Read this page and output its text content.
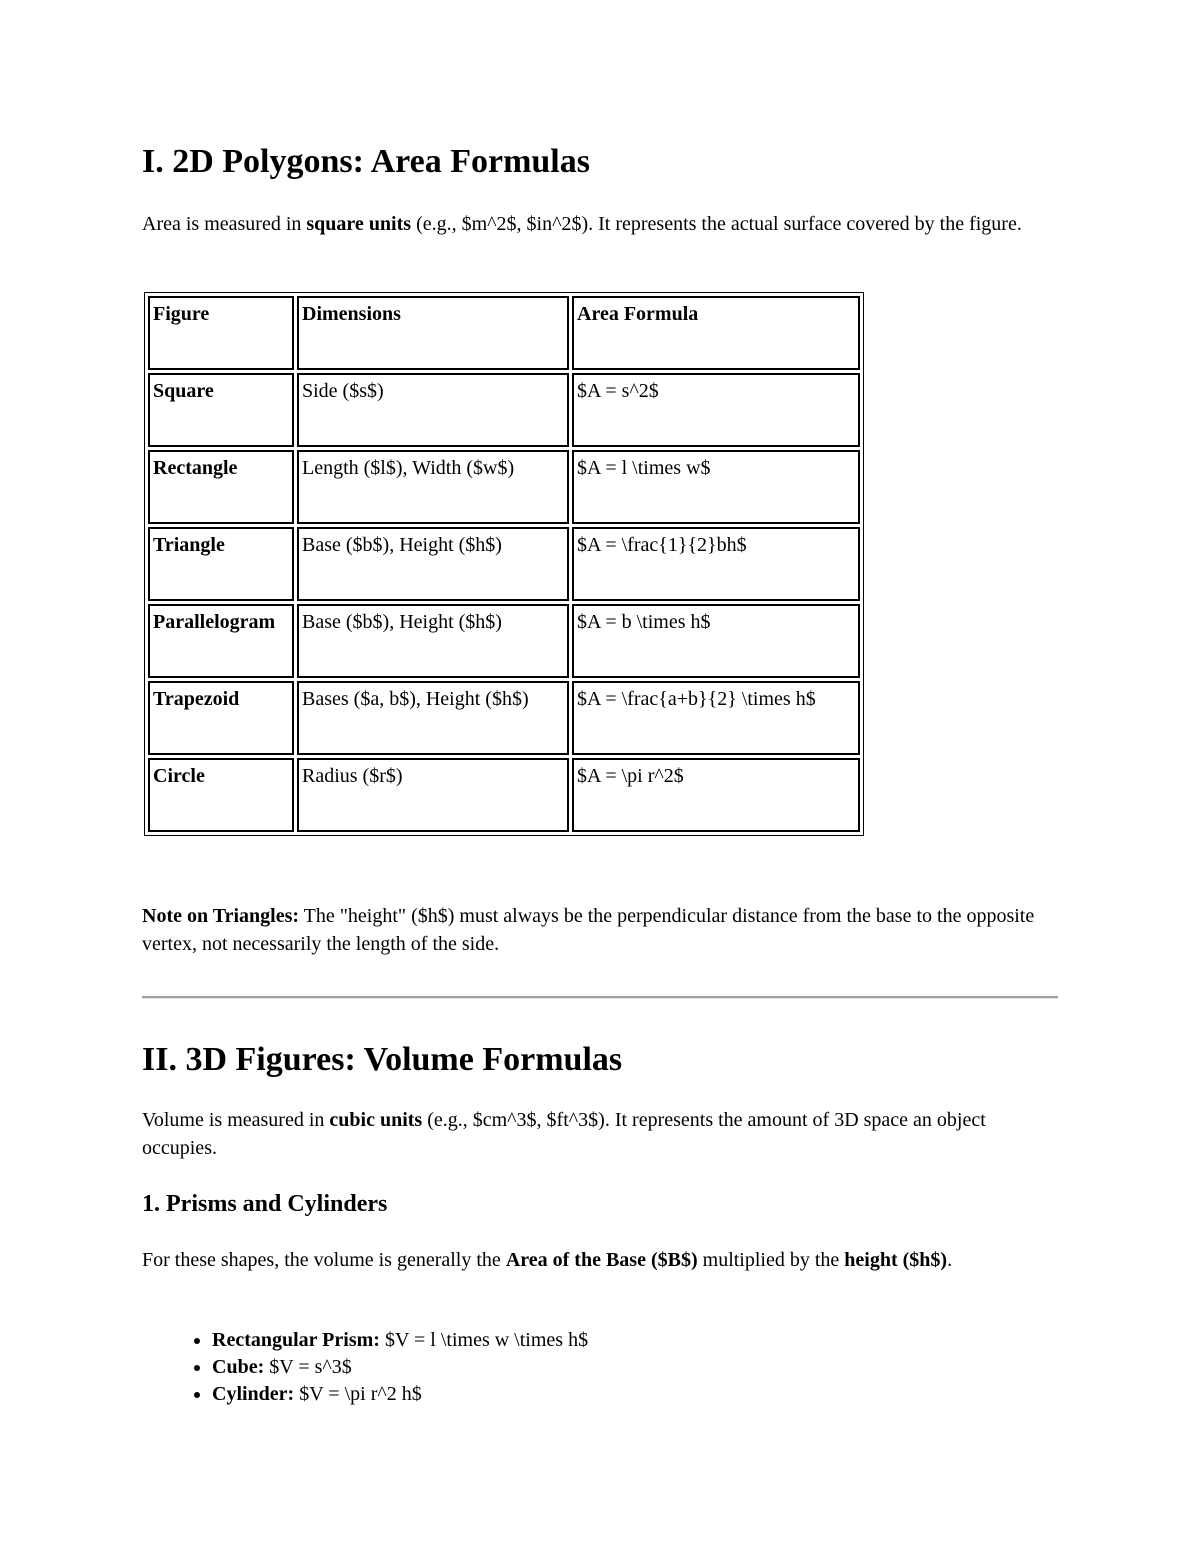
I. 2D Polygons: Area Formulas

Area is measured in square units (e.g., $m^2$, $in^2$). It represents the actual surface covered by the figure.

Figure	Dimensions	Area Formula
Square	Side ($s$)	$A = s^2$
Rectangle	Length ($l$), Width ($w$)	$A = l \times w$
Triangle	Base ($b$), Height ($h$)	$A = \frac{1}{2}bh$
Parallelogram	Base ($b$), Height ($h$)	$A = b \times h$
Trapezoid	Bases ($a, b$), Height ($h$)	$A = \frac{a+b}{2} \times h$
Circle	Radius ($r$)	$A = \pi r^2$

Note on Triangles: The "height" ($h$) must always be the perpendicular distance from the base to the opposite vertex, not necessarily the length of the side.

II. 3D Figures: Volume Formulas

Volume is measured in cubic units (e.g., $cm^3$, $ft^3$). It represents the amount of 3D space an object occupies.

1. Prisms and Cylinders

For these shapes, the volume is generally the Area of the Base ($B$) multiplied by the height ($h$).

• Rectangular Prism: $V = l \times w \times h$
• Cube: $V = s^3$
• Cylinder: $V = \pi r^2 h$
